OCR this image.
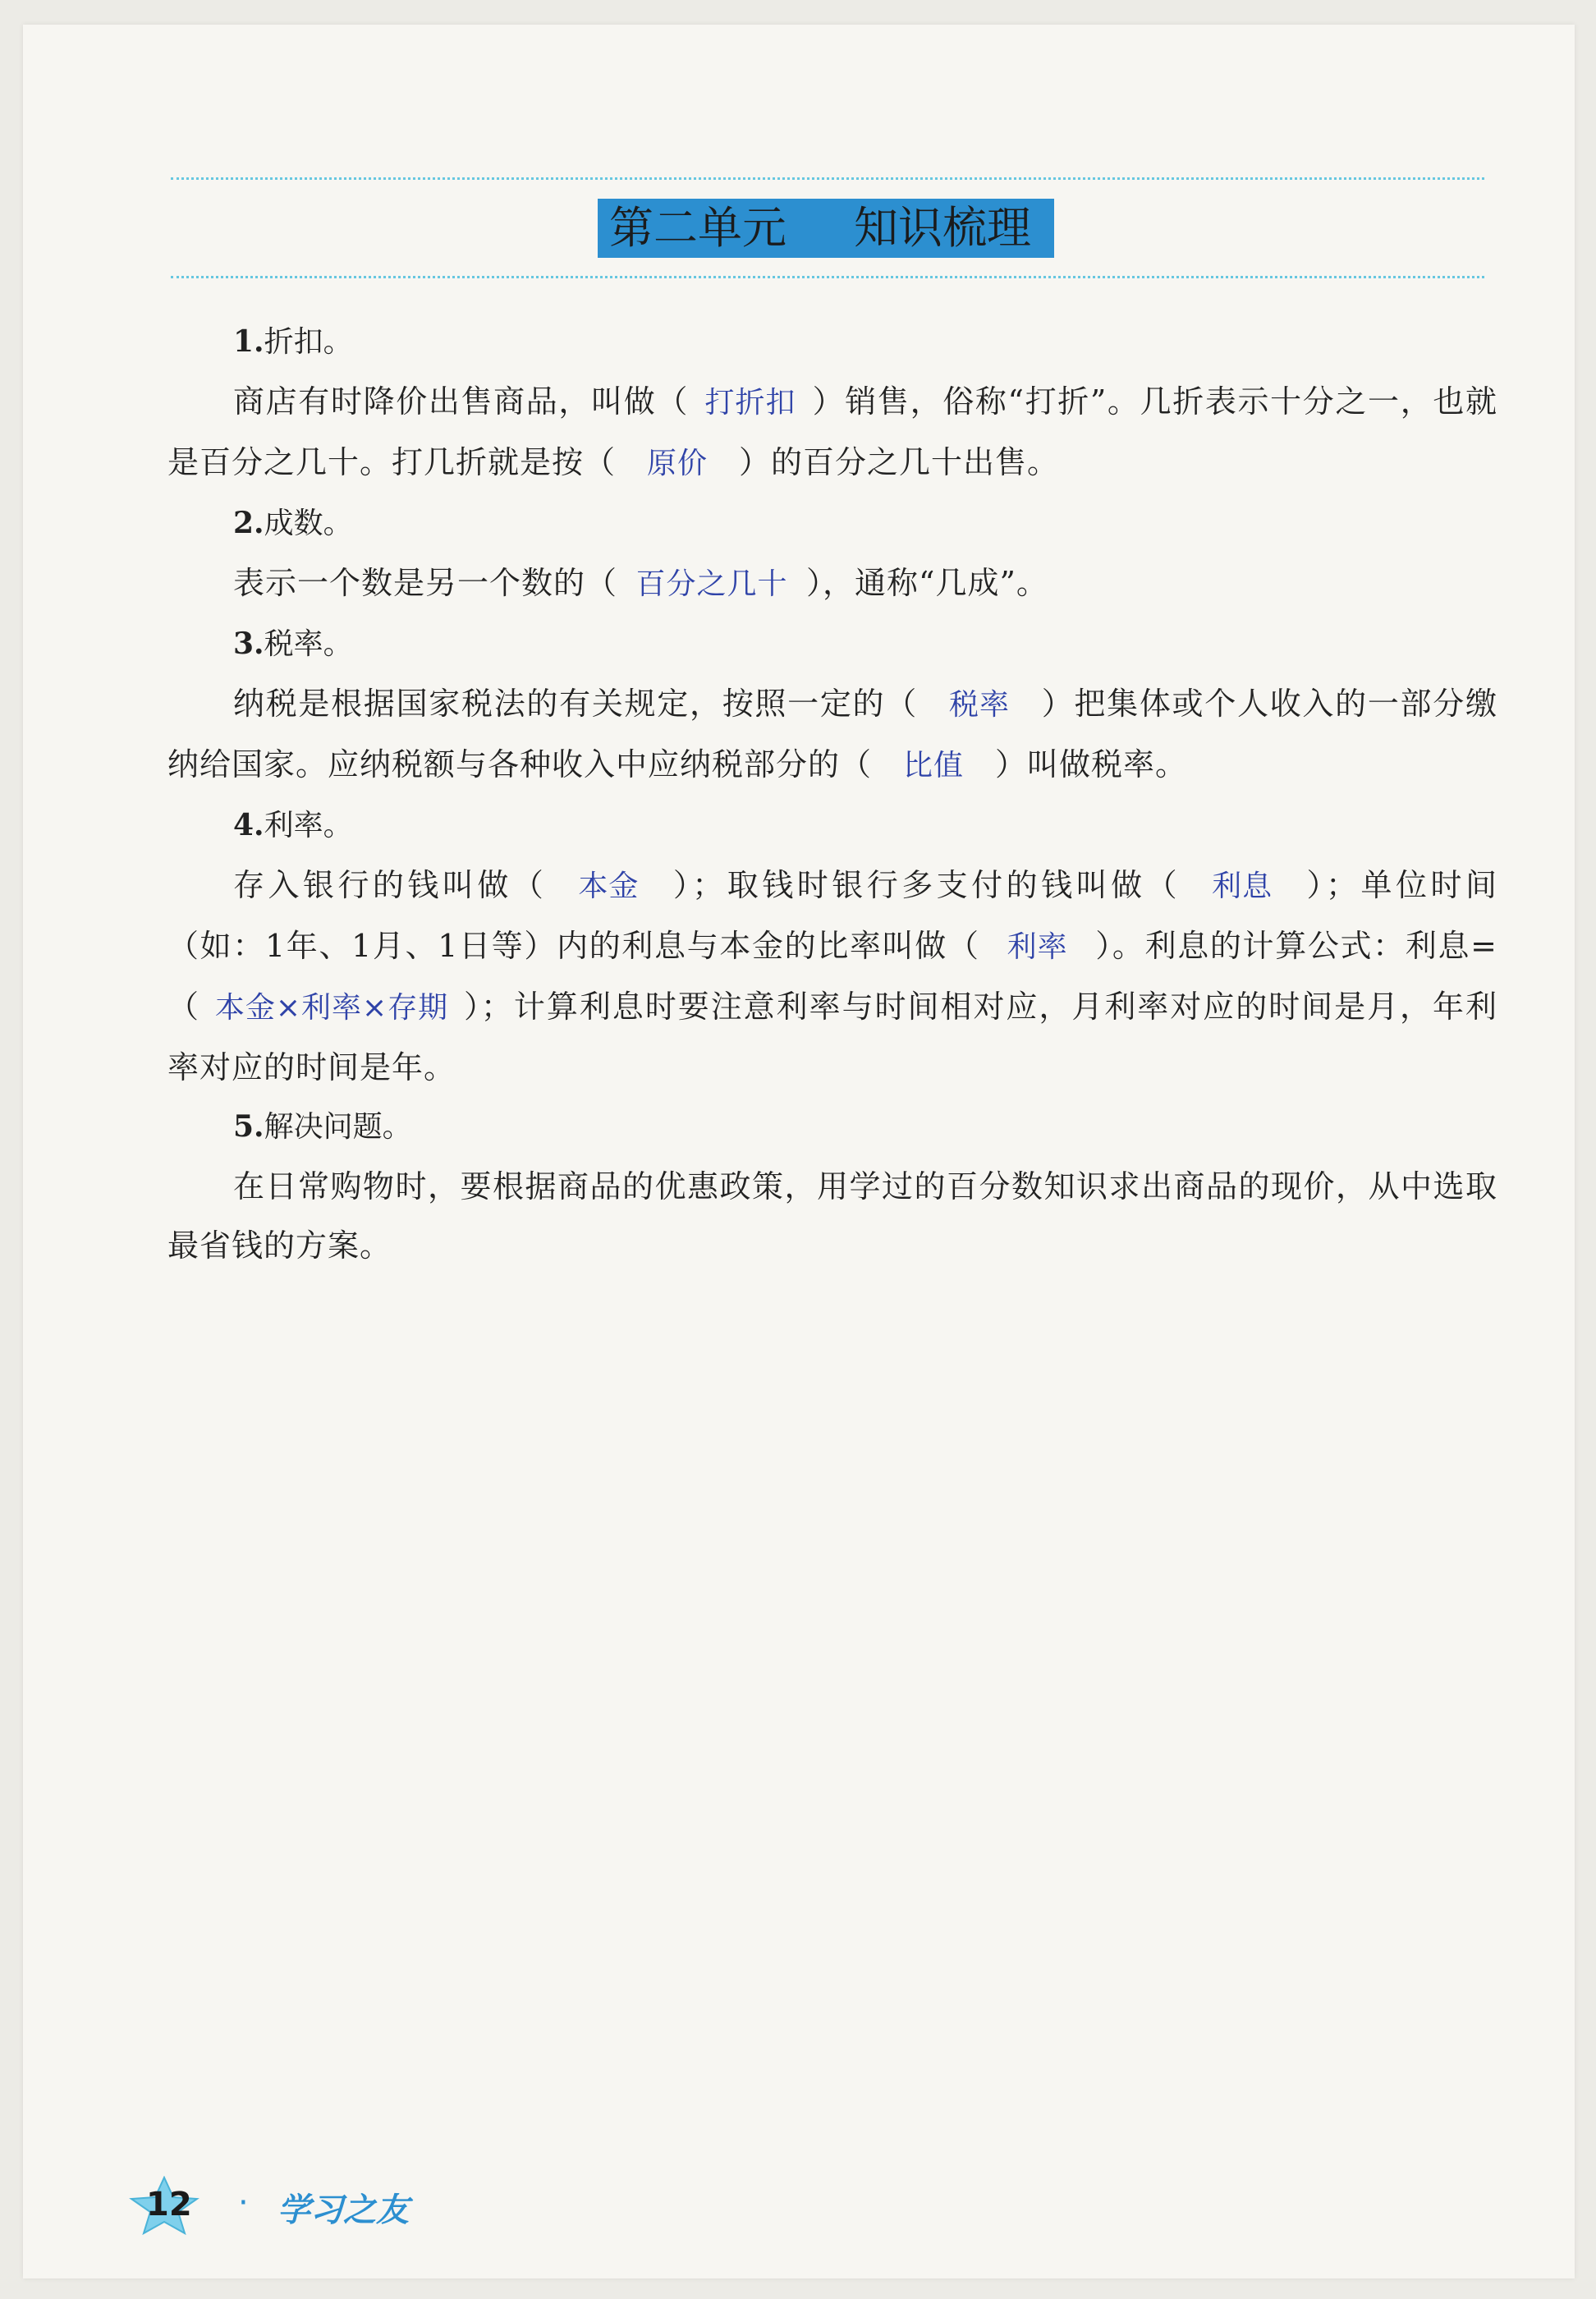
第二单元 知识梳理
1.折扣。
商店有时降价出售商品，叫做（ 打折扣 ）销售，俗称“打折”。几折表示十分之一，也就是百分之几十。打几折就是按（ 原价 ）的百分之几十出售。
2.成数。
表示一个数是另一个数的（ 百分之几十 ），通称“几成”。
3.税率。
纳税是根据国家税法的有关规定，按照一定的（ 税率 ）把集体或个人收入的一部分缴纳给国家。应纳税额与各种收入中应纳税部分的（ 比值 ）叫做税率。
4.利率。
存入银行的钱叫做（ 本金 ）；取钱时银行多支付的钱叫做（ 利息 ）；单位时间（如：1年、1月、1日等）内的利息与本金的比率叫做（ 利率 ）。利息的计算公式：利息=（ 本金×利率×存期 ）；计算利息时要注意利率与时间相对应，月利率对应的时间是月，年利率对应的时间是年。
5.解决问题。
在日常购物时，要根据商品的优惠政策，用学过的百分数知识求出商品的现价，从中选取最省钱的方案。
12 · 学习之友
